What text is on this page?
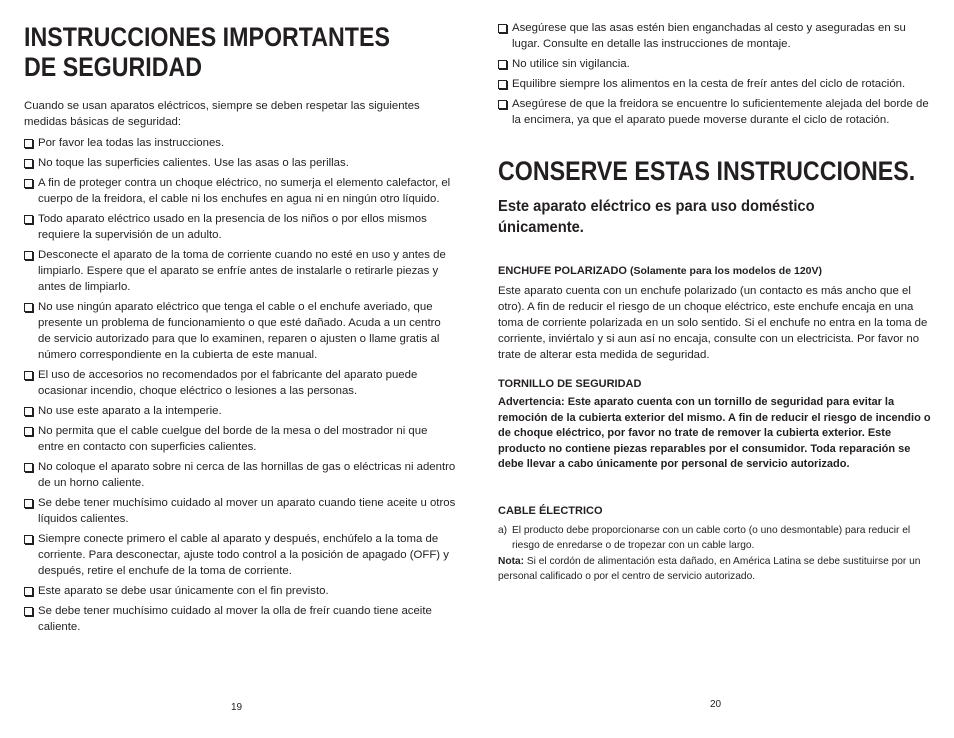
INSTRUCCIONES IMPORTANTES
DE SEGURIDAD
Cuando se usan aparatos eléctricos, siempre se deben respetar las siguientes medidas básicas de seguridad:
Por favor lea todas las instrucciones.
No toque las superficies calientes. Use las asas o las perillas.
A fin de proteger contra un choque eléctrico, no sumerja el elemento calefactor, el cuerpo de la freidora, el cable ni los enchufes en agua ni en ningún otro líquido.
Todo aparato eléctrico usado en la presencia de los niños o por ellos mismos requiere la supervisión de un adulto.
Desconecte el aparato de la toma de corriente cuando no esté en uso y antes de limpiarlo. Espere que el aparato se enfríe antes de instalarle o retirarle piezas y antes de limpiarlo.
No use ningún aparato eléctrico que tenga el cable o el enchufe averiado, que presente un problema de funcionamiento o que esté dañado. Acuda a un centro de servicio autorizado para que lo examinen, reparen o ajusten o llame gratis al número correspondiente en la cubierta de este manual.
El uso de accesorios no recomendados por el fabricante del aparato puede ocasionar incendio, choque eléctrico o lesiones a las personas.
No use este aparato a la intemperie.
No permita que el cable cuelgue del borde de la mesa o del mostrador ni que entre en contacto con superficies calientes.
No coloque el aparato sobre ni cerca de las hornillas de gas o eléctricas ni adentro de un horno caliente.
Se debe tener muchísimo cuidado al mover un aparato cuando tiene aceite u otros líquidos calientes.
Siempre conecte primero el cable al aparato y después, enchúfelo a la toma de corriente. Para desconectar, ajuste todo control a la posición de apagado (OFF) y después, retire el enchufe de la toma de corriente.
Este aparato se debe usar únicamente con el fin previsto.
Se debe tener muchísimo cuidado al mover la olla de freír cuando tiene aceite caliente.
19
Asegúrese que las asas estén bien enganchadas al cesto y aseguradas en su lugar. Consulte en detalle las instrucciones de montaje.
No utilice sin vigilancia.
Equilibre siempre los alimentos en la cesta de freír antes del ciclo de rotación.
Asegúrese de que la freidora se encuentre lo suficientemente alejada del borde de la encimera, ya que el aparato puede moverse durante el ciclo de rotación.
CONSERVE ESTAS INSTRUCCIONES.
Este aparato eléctrico es para uso doméstico únicamente.
ENCHUFE POLARIZADO (Solamente para los modelos de 120V)
Este aparato cuenta con un enchufe polarizado (un contacto es más ancho que el otro). A fin de reducir el riesgo de un choque eléctrico, este enchufe encaja en una toma de corriente polarizada en un solo sentido. Si el enchufe no entra en la toma de corriente, inviértalo y si aun así no encaja, consulte con un electricista. Por favor no trate de alterar esta medida de seguridad.
TORNILLO DE SEGURIDAD
Advertencia: Este aparato cuenta con un tornillo de seguridad para evitar la remoción de la cubierta exterior del mismo. A fin de reducir el riesgo de incendio o de choque eléctrico, por favor no trate de remover la cubierta exterior. Este producto no contiene piezas reparables por el consumidor. Toda reparación se debe llevar a cabo únicamente por personal de servicio autorizado.
CABLE ÉLECTRICO
a) El producto debe proporcionarse con un cable corto (o uno desmontable) para reducir el riesgo de enredarse o de tropezar con un cable largo.
Nota: Si el cordón de alimentación esta dañado, en América Latina se debe sustituirse por un personal calificado o por el centro de servicio autorizado.
20
